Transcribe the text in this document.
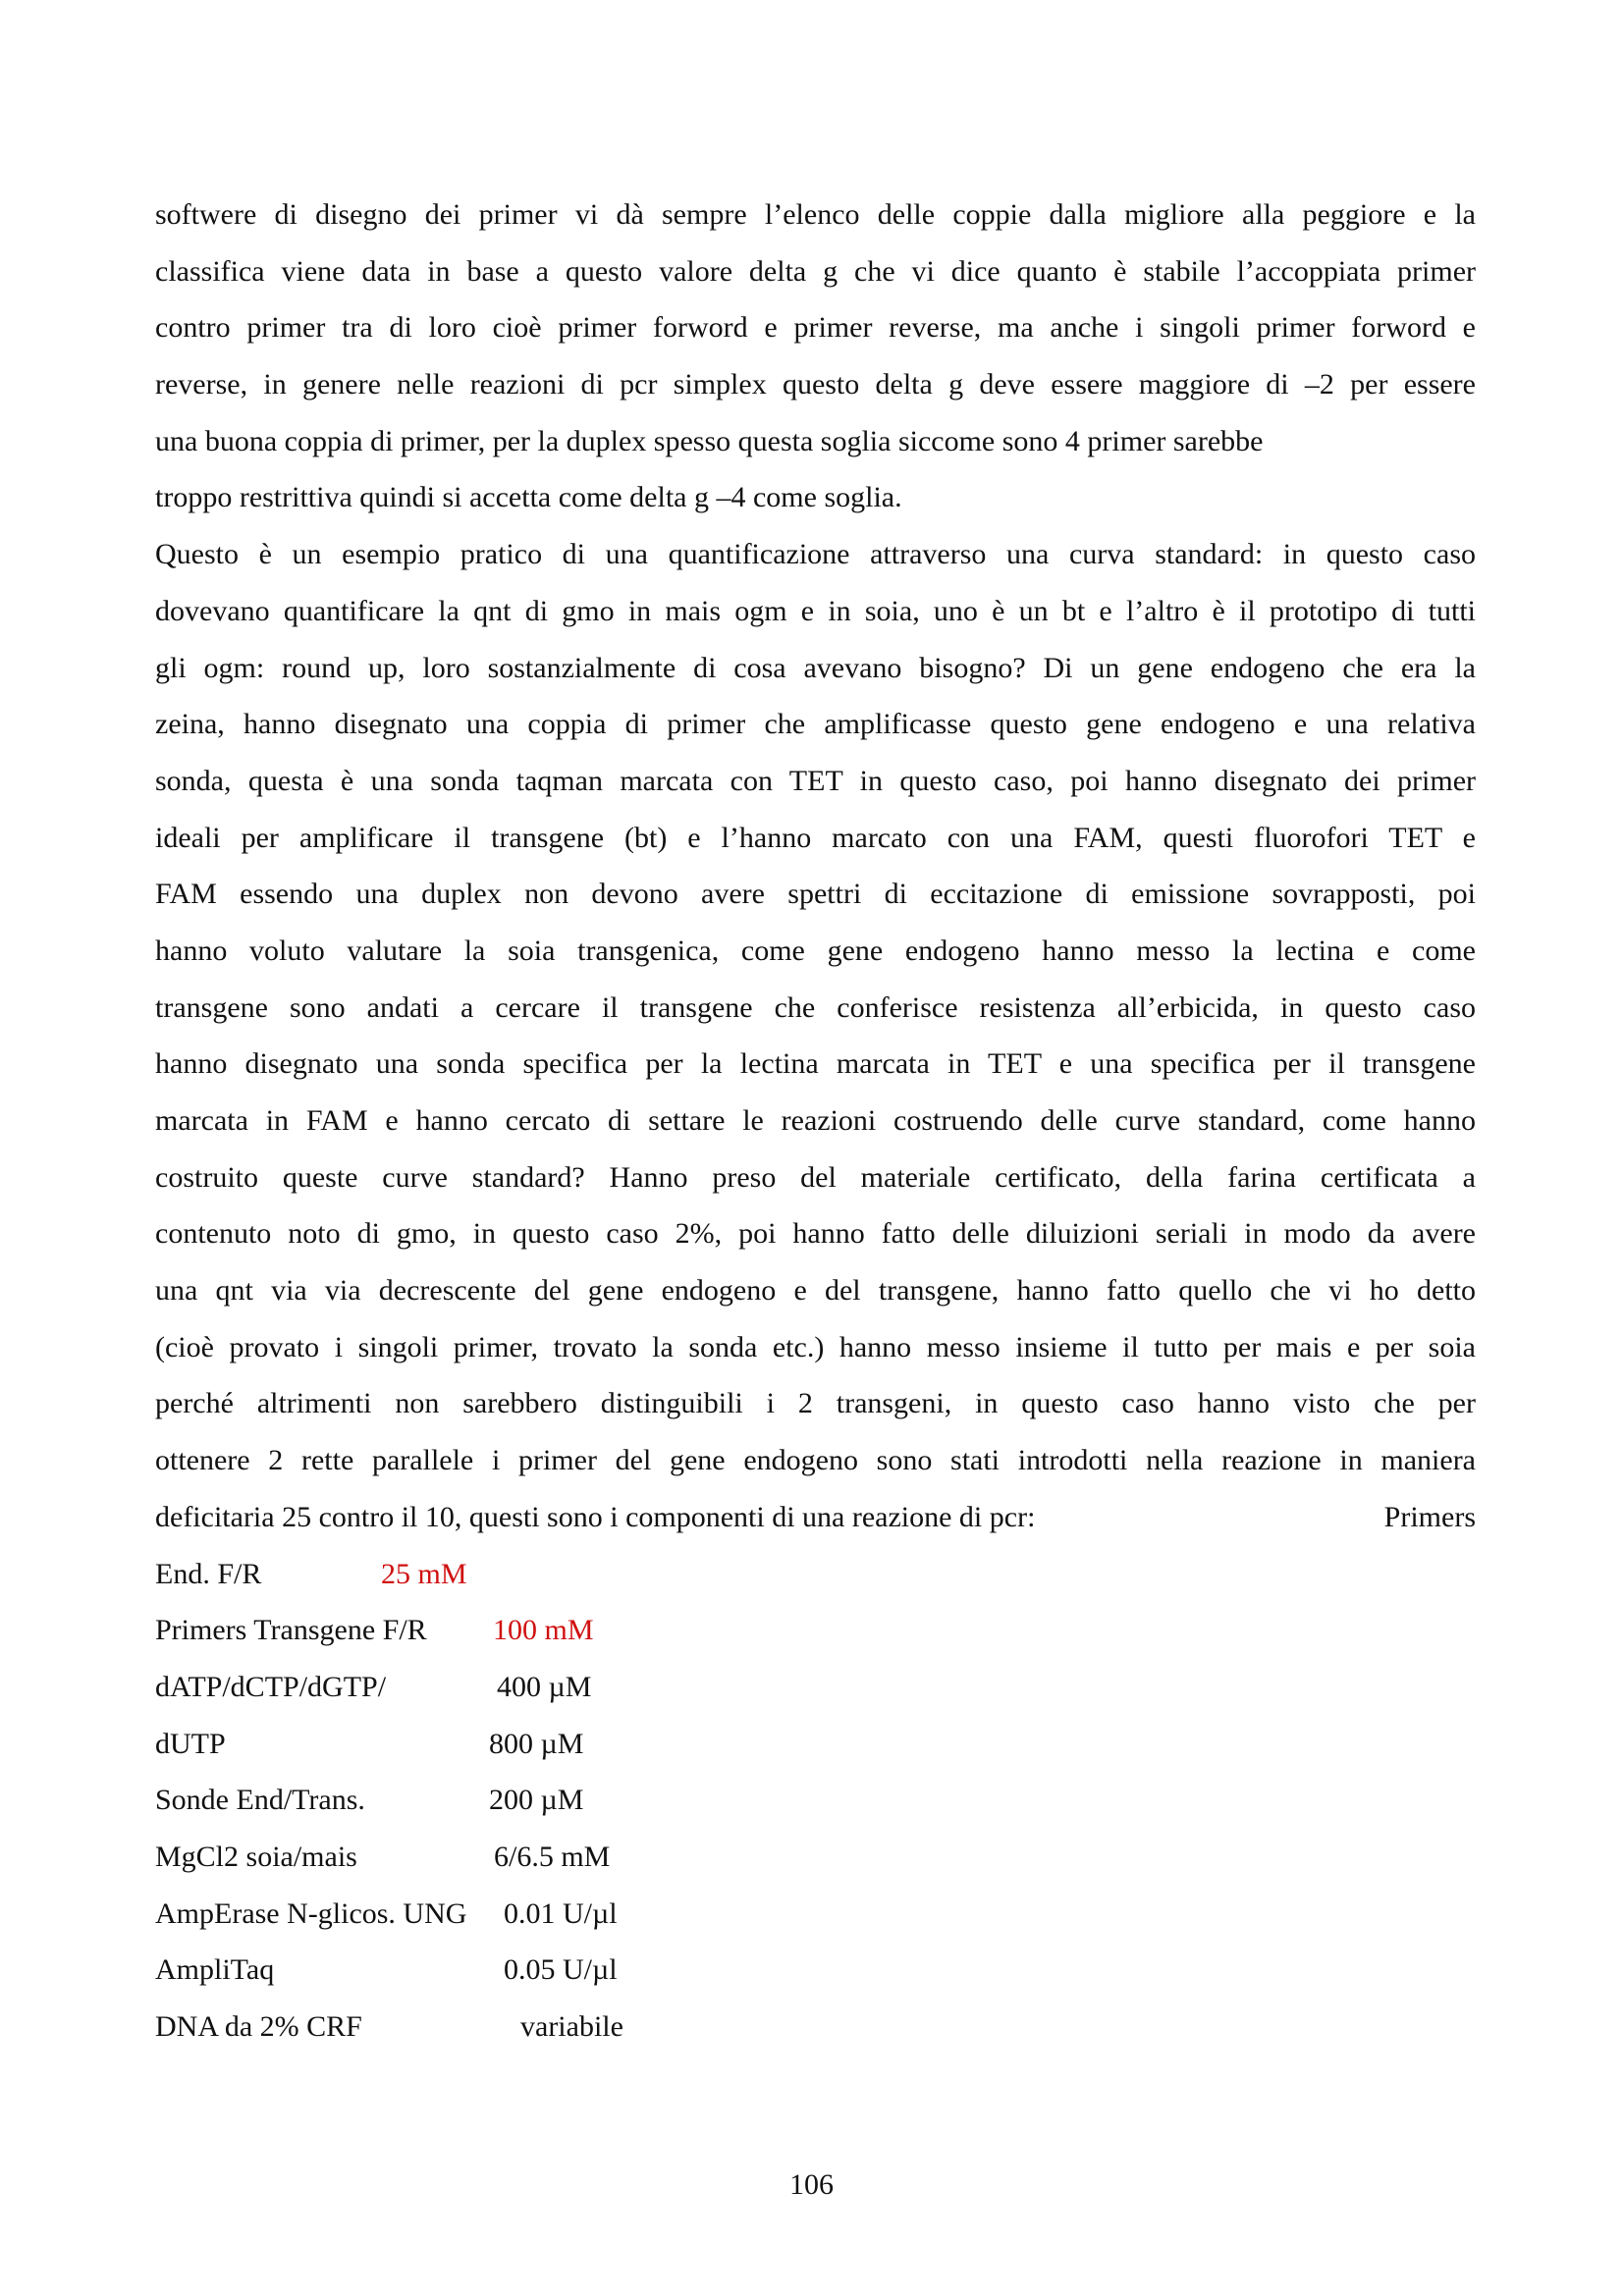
softwere di disegno dei primer vi dà sempre l’elenco delle coppie dalla migliore alla peggiore e la
classifica viene data in base a questo valore delta g che vi dice quanto è stabile l’accoppiata primer
contro primer tra di loro cioè primer forword e primer reverse, ma anche i singoli primer forword e
reverse, in genere nelle reazioni di pcr simplex questo delta g deve essere maggiore di –2 per essere
una buona coppia di primer, per la duplex spesso questa soglia siccome sono 4 primer sarebbe
troppo restrittiva quindi si accetta come delta g –4 come soglia.
Questo è un esempio pratico di una quantificazione attraverso una curva standard: in questo caso
dovevano quantificare la qnt di gmo in mais ogm e in soia, uno è un bt e l’altro è il prototipo di tutti
gli ogm: round up, loro sostanzialmente di cosa avevano bisogno? Di un gene endogeno che era la
zeina, hanno disegnato una coppia di primer che amplificasse questo gene endogeno e una relativa
sonda, questa è una sonda taqman marcata con TET in questo caso, poi hanno disegnato dei primer
ideali per amplificare il transgene (bt) e l’hanno marcato con una FAM, questi fluorofori TET e
FAM essendo una duplex non devono avere spettri di eccitazione di emissione sovrapposti, poi
hanno voluto valutare la soia transgenica, come gene endogeno hanno messo la lectina e come
transgene sono andati a cercare il transgene che conferisce resistenza all’erbicida, in questo caso
hanno disegnato una sonda specifica per la lectina marcata in TET e una specifica per il transgene
marcata in FAM e hanno cercato di settare le reazioni costruendo delle curve standard, come hanno
costruito queste curve standard? Hanno preso del materiale certificato, della farina certificata a
contenuto noto di gmo, in questo caso 2%, poi hanno fatto delle diluizioni seriali in modo da avere
una qnt via via decrescente del gene endogeno e del transgene, hanno fatto quello che vi ho detto
(cioè provato i singoli primer, trovato la sonda etc.) hanno messo insieme il tutto per mais e per soia
perché altrimenti non sarebbero distinguibili i 2 transgeni, in questo caso hanno visto che per
ottenere 2 rette parallele i primer del gene endogeno sono stati introdotti nella reazione in maniera
deficitaria 25 contro il 10, questi sono i componenti di una reazione di pcr:	Primers
End. F/R	25 mM
Primers Transgene F/R 100 mM
dATP/dCTP/dGTP/	400 µM
dUTP	800 µM
Sonde End/Trans.	200 µM
MgCl2 soia/mais	6/6.5 mM
AmpErase N-glicos. UNG 0.01 U/µl
AmpliTaq	0.05 U/µl
DNA da 2% CRF	variabile
106
